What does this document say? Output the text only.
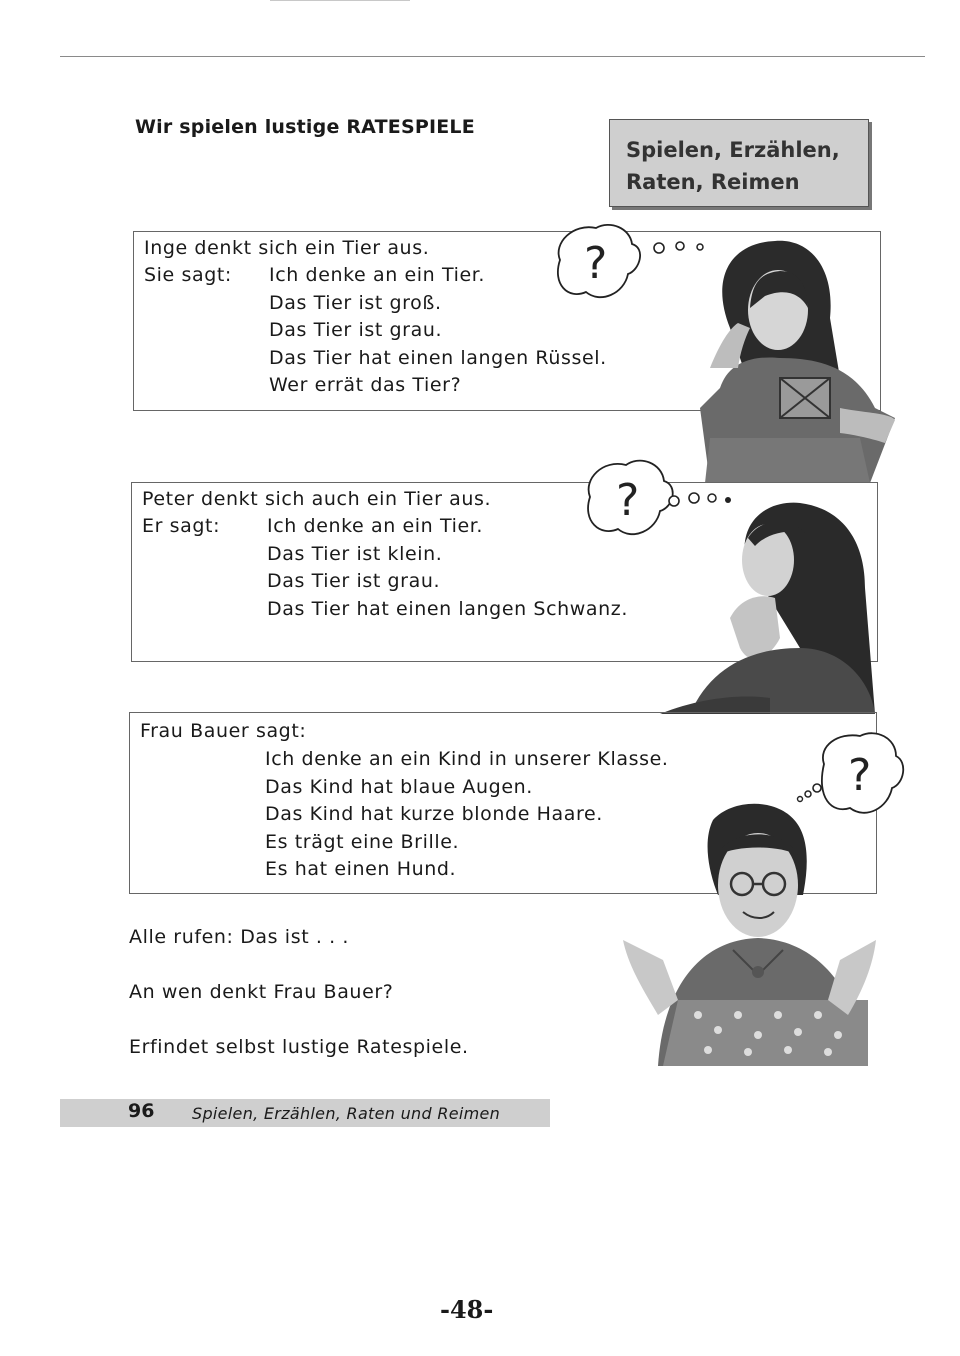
Wir spielen lustige RATESPIELE
Spielen, Erzählen,
Raten, Reimen
Inge denkt sich ein Tier aus.
Sie sagt: Ich denke an ein Tier.
Das Tier ist groß.
Das Tier ist grau.
Das Tier hat einen langen Rüssel.
Wer errät das Tier?
?
Peter denkt sich auch ein Tier aus.
Er sagt: Ich denke an ein Tier.
Das Tier ist klein.
Das Tier ist grau.
Das Tier hat einen langen Schwanz.
?
Frau Bauer sagt:
Ich denke an ein Kind in unserer Klasse.
Das Kind hat blaue Augen.
Das Kind hat kurze blonde Haare.
Es trägt eine Brille.
Es hat einen Hund.
?
Alle rufen: Das ist . . .
An wen denkt Frau Bauer?
Erfindet selbst lustige Ratespiele.
96 Spielen, Erzählen, Raten und Reimen
-48-
